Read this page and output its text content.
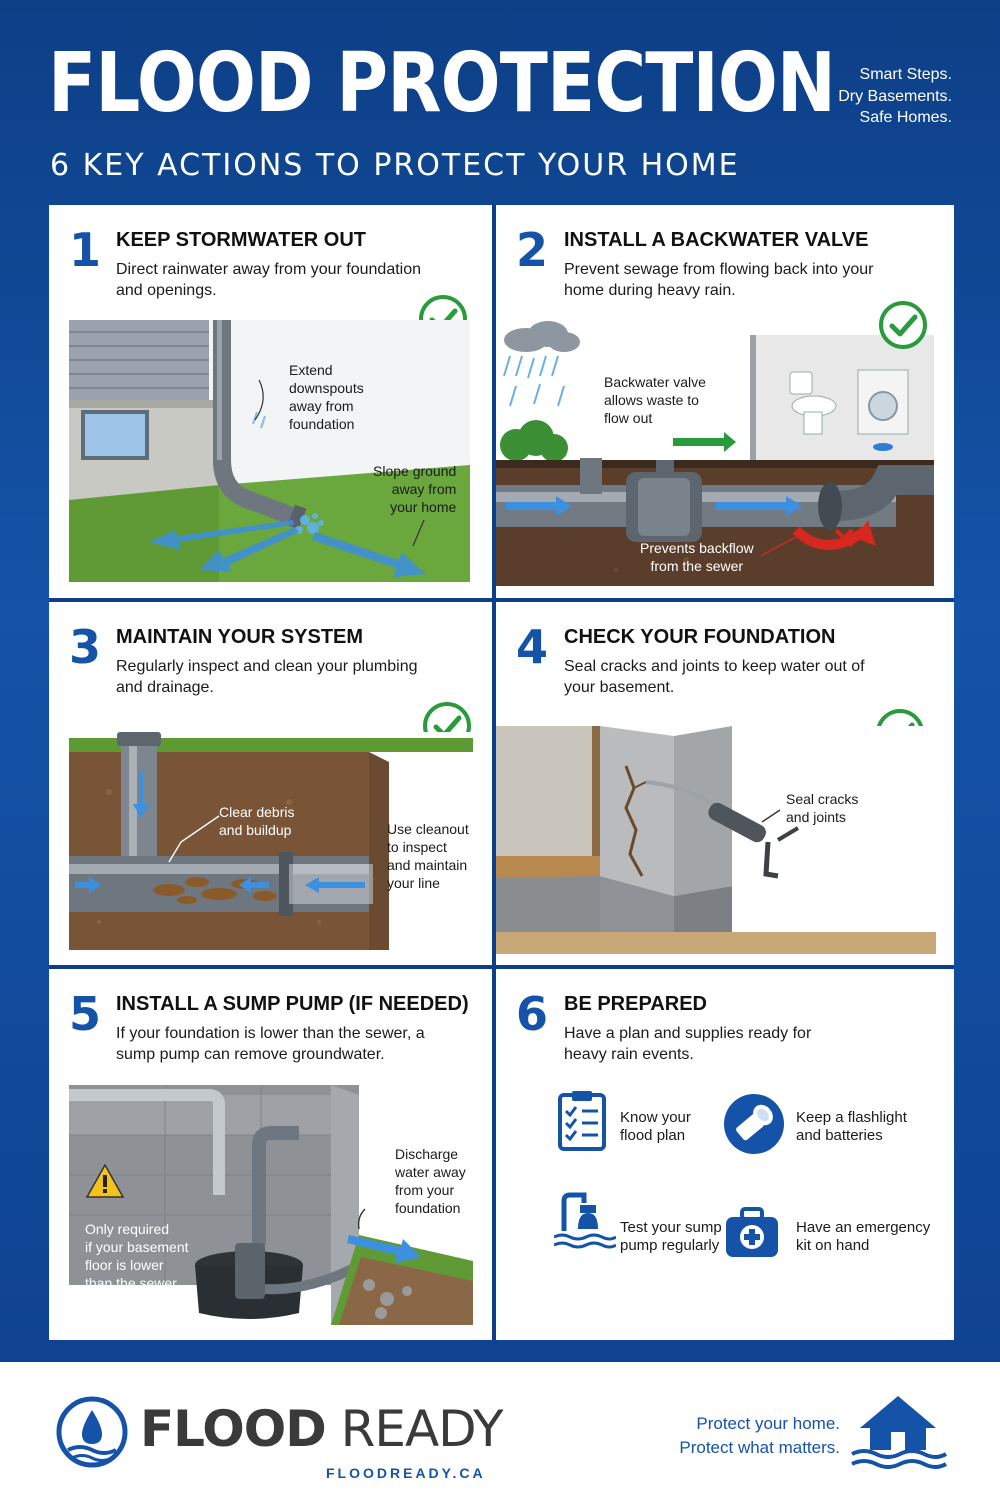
FLOOD PROTECTION
6 KEY ACTIONS TO PROTECT YOUR HOME
Smart Steps.
Dry Basements.
Safe Homes.
1 KEEP STORMWATER OUT
Direct rainwater away from your foundation and openings.
Extend
downspouts
away from
foundation
Slope ground
away from
your home
2 INSTALL A BACKWATER VALVE
Prevent sewage from flowing back into your home during heavy rain.
Backwater valve
allows waste to
flow out
Prevents backflow
from the sewer
3 MAINTAIN YOUR SYSTEM
Regularly inspect and clean your plumbing and drainage.
Clear debris
and buildup	Use cleanout
to inspect
and maintain
your line
4 CHECK YOUR FOUNDATION
Seal cracks and joints to keep water out of your basement.
Seal cracks
and joints
5 INSTALL A SUMP PUMP (IF NEEDED)
If your foundation is lower than the sewer, a sump pump can remove groundwater.
Only required
if your basement
floor is lower
than the sewer
level.
Discharge
water away
from your
foundation
6 BE PREPARED
Have a plan and supplies ready for heavy rain events.
Know your
flood plan
Keep a flashlight
and batteries
Test your sump
pump regularly
Have an emergency
kit on hand
FLOOD READY
FLOODREADY.CA
Protect your home.
Protect what matters.
